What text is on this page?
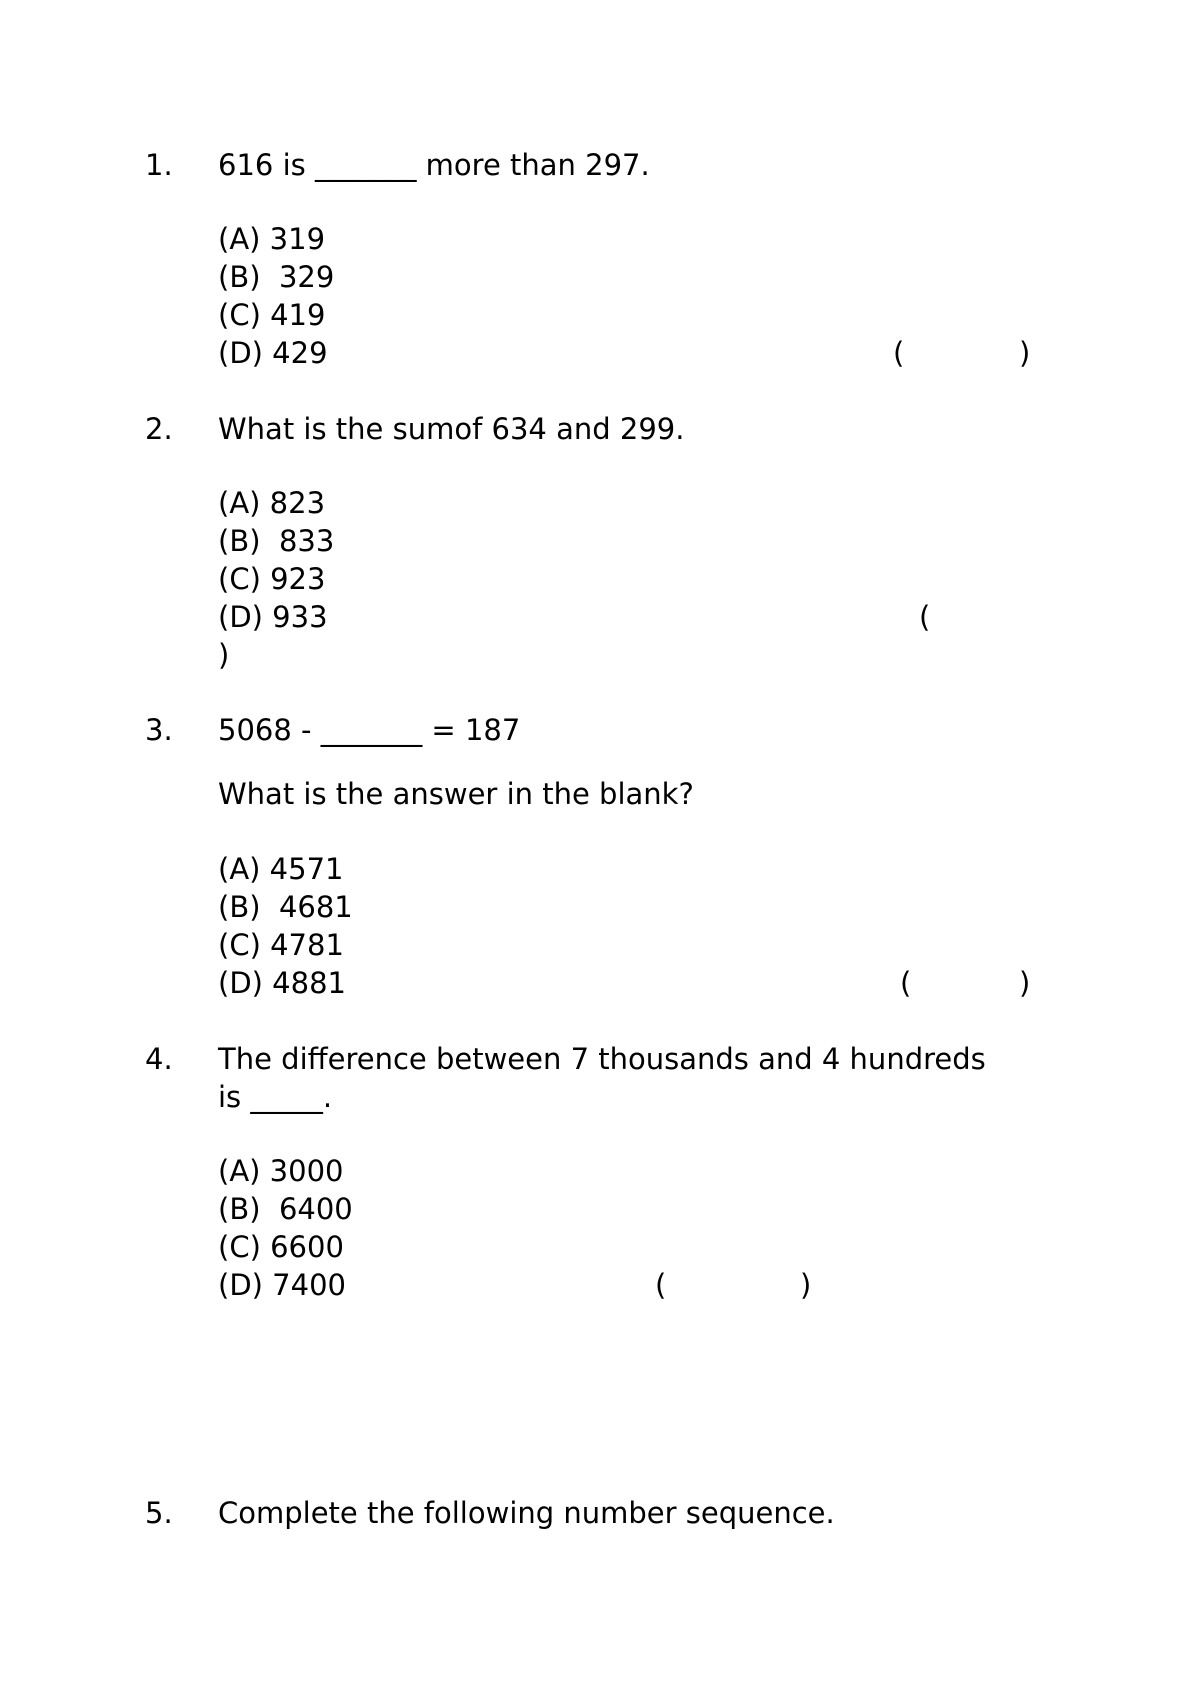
1. 616 is _______ more than 297.
(A) 319
(B)  329
(C) 419
(D) 429	(	)
2. What is the sumof 634 and 299.
(A) 823
(B)  833
(C) 923
(D) 933	(
)
3. 5068 - _______ = 187
What is the answer in the blank?
(A) 4571
(B)  4681
(C) 4781
(D) 4881	(	)
4. The difference between 7 thousands and 4 hundreds
is _____.
(A) 3000
(B)  6400
(C) 6600
(D) 7400	(	)
5. Complete the following number sequence.
